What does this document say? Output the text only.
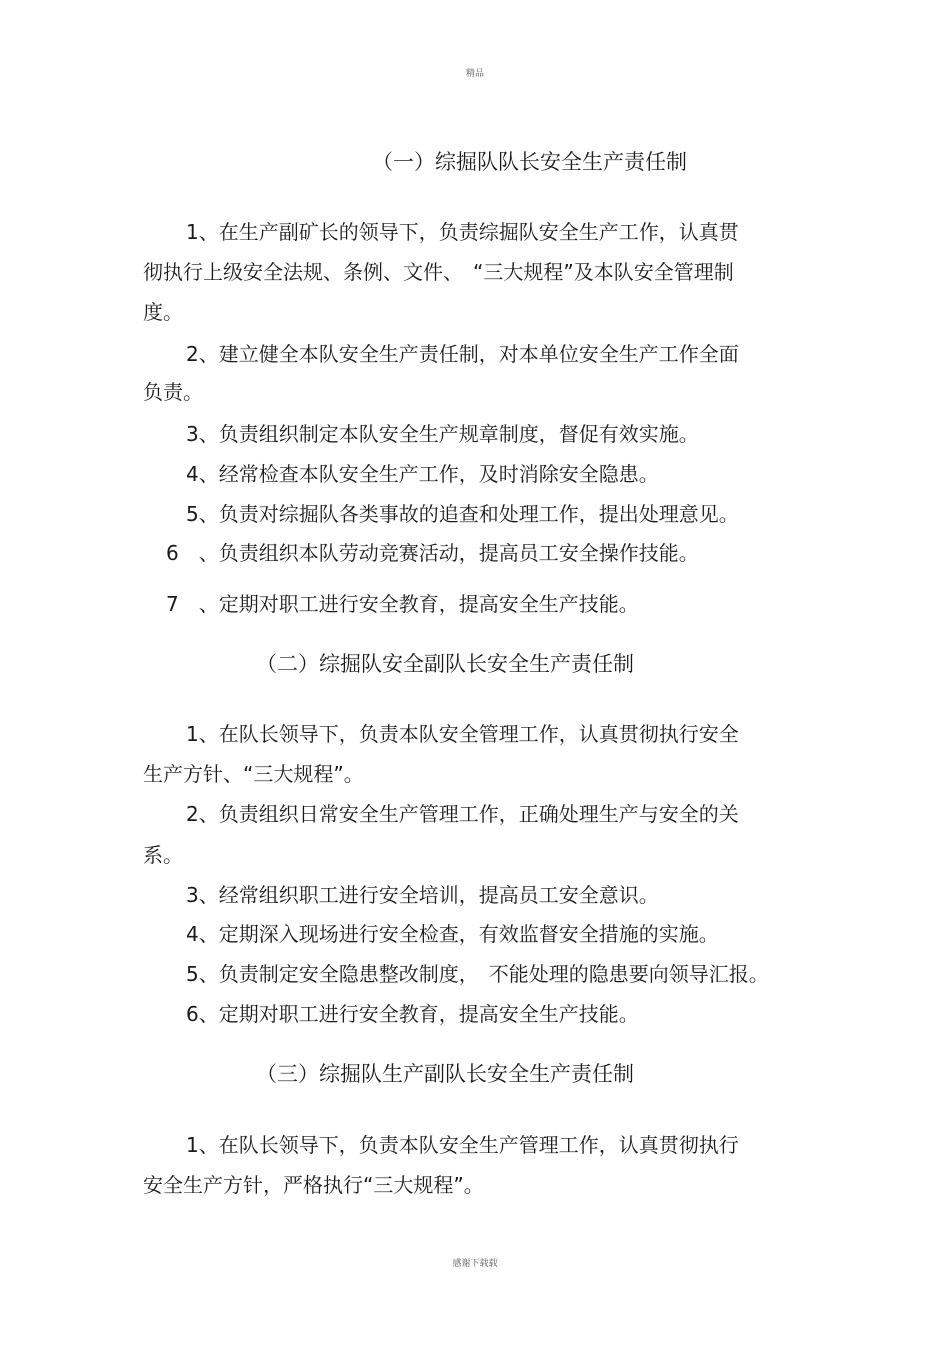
精品
（一）综掘队队长安全生产责任制
1、在生产副矿长的领导下，负责综掘队安全生产工作，认真贯
彻执行上级安全法规、条例、文件、　“三大规程”及本队安全管理制
度。
2、建立健全本队安全生产责任制，对本单位安全生产工作全面
负责。
3、负责组织制定本队安全生产规章制度，督促有效实施。
4、经常检查本队安全生产工作，及时消除安全隐患。
5、负责对综掘队各类事故的追查和处理工作，提出处理意见。
6　、负责组织本队劳动竞赛活动，提高员工安全操作技能。
7　、定期对职工进行安全教育，提高安全生产技能。
（二）综掘队安全副队长安全生产责任制
1、在队长领导下，负责本队安全管理工作，认真贯彻执行安全
生产方针、“三大规程”。
2、负责组织日常安全生产管理工作，正确处理生产与安全的关
系。
3、经常组织职工进行安全培训，提高员工安全意识。
4、定期深入现场进行安全检查，有效监督安全措施的实施。
5、负责制定安全隐患整改制度，　不能处理的隐患要向领导汇报。
6、定期对职工进行安全教育，提高安全生产技能。
（三）综掘队生产副队长安全生产责任制
1、在队长领导下，负责本队安全生产管理工作，认真贯彻执行
安全生产方针，严格执行“三大规程”。
感谢下载载
